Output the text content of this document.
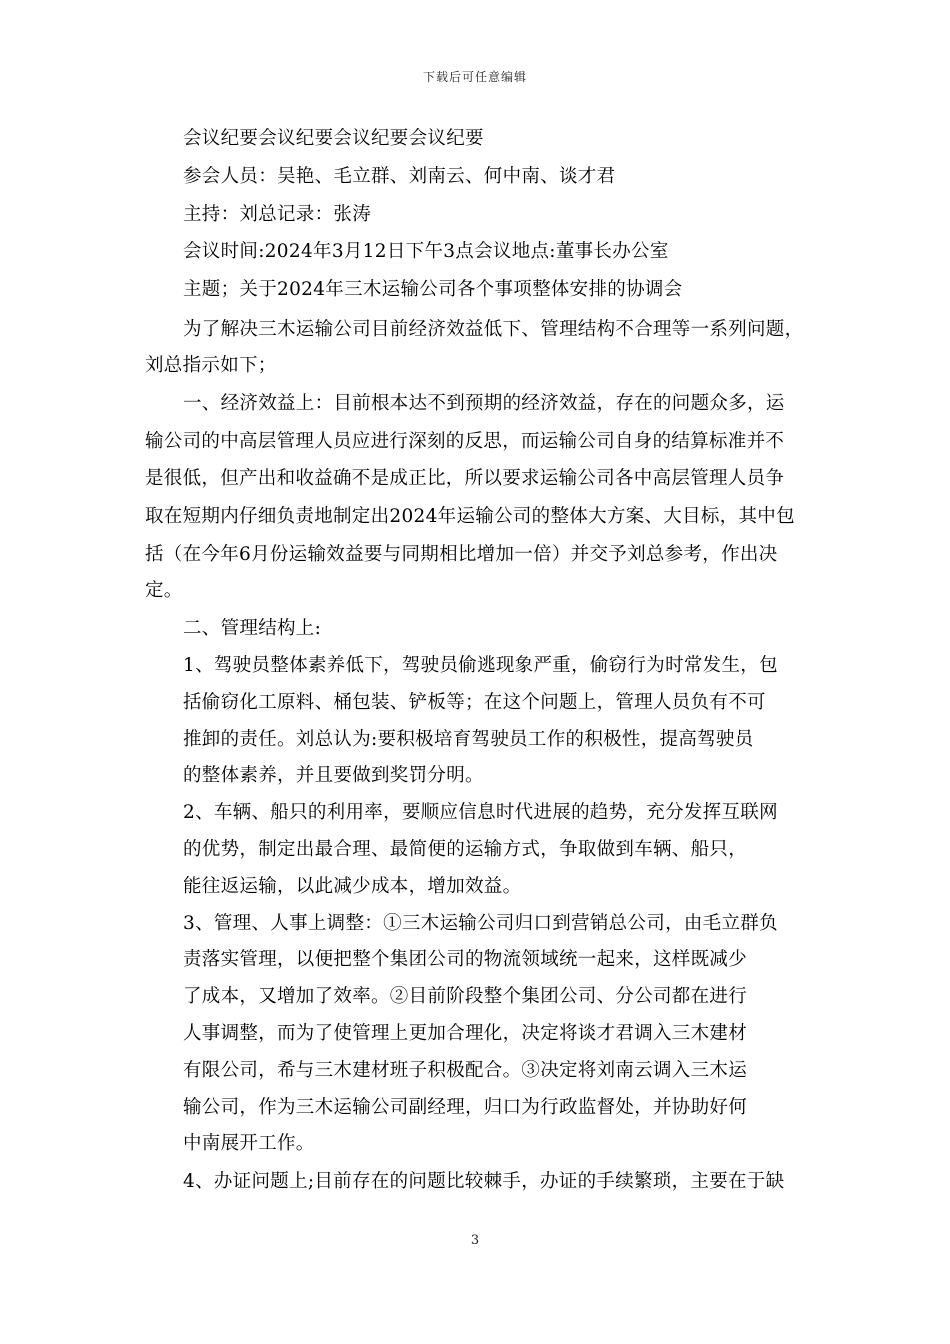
下载后可任意编辑
会议纪要会议纪要会议纪要会议纪要
参会人员：吴艳、毛立群、刘南云、何中南、谈才君
主持：刘总记录：张涛
会议时间:2024年3月12日下午3点会议地点:董事长办公室
主题；关于2024年三木运输公司各个事项整体安排的协调会
为了解决三木运输公司目前经济效益低下、管理结构不合理等一系列问题，
刘总指示如下；
一、经济效益上：目前根本达不到预期的经济效益，存在的问题众多，运
输公司的中高层管理人员应进行深刻的反思，而运输公司自身的结算标准并不
是很低，但产出和收益确不是成正比，所以要求运输公司各中高层管理人员争
取在短期内仔细负责地制定出2024年运输公司的整体大方案、大目标，其中包
括（在今年6月份运输效益要与同期相比增加一倍）并交予刘总参考，作出决
定。
二、管理结构上:
1、驾驶员整体素养低下，驾驶员偷逃现象严重，偷窃行为时常发生，包
括偷窃化工原料、桶包装、铲板等；在这个问题上，管理人员负有不可
推卸的责任。刘总认为:要积极培育驾驶员工作的积极性，提高驾驶员
的整体素养，并且要做到奖罚分明。
2、车辆、船只的利用率，要顺应信息时代进展的趋势，充分发挥互联网
的优势，制定出最合理、最简便的运输方式，争取做到车辆、船只，
能往返运输，以此减少成本，增加效益。
3、管理、人事上调整：①三木运输公司归口到营销总公司，由毛立群负
责落实管理，以便把整个集团公司的物流领域统一起来，这样既减少
了成本，又增加了效率。②目前阶段整个集团公司、分公司都在进行
人事调整，而为了使管理上更加合理化，决定将谈才君调入三木建材
有限公司，希与三木建材班子积极配合。③决定将刘南云调入三木运
输公司，作为三木运输公司副经理，归口为行政监督处，并协助好何
中南展开工作。
4、办证问题上;目前存在的问题比较棘手，办证的手续繁琐，主要在于缺
3
